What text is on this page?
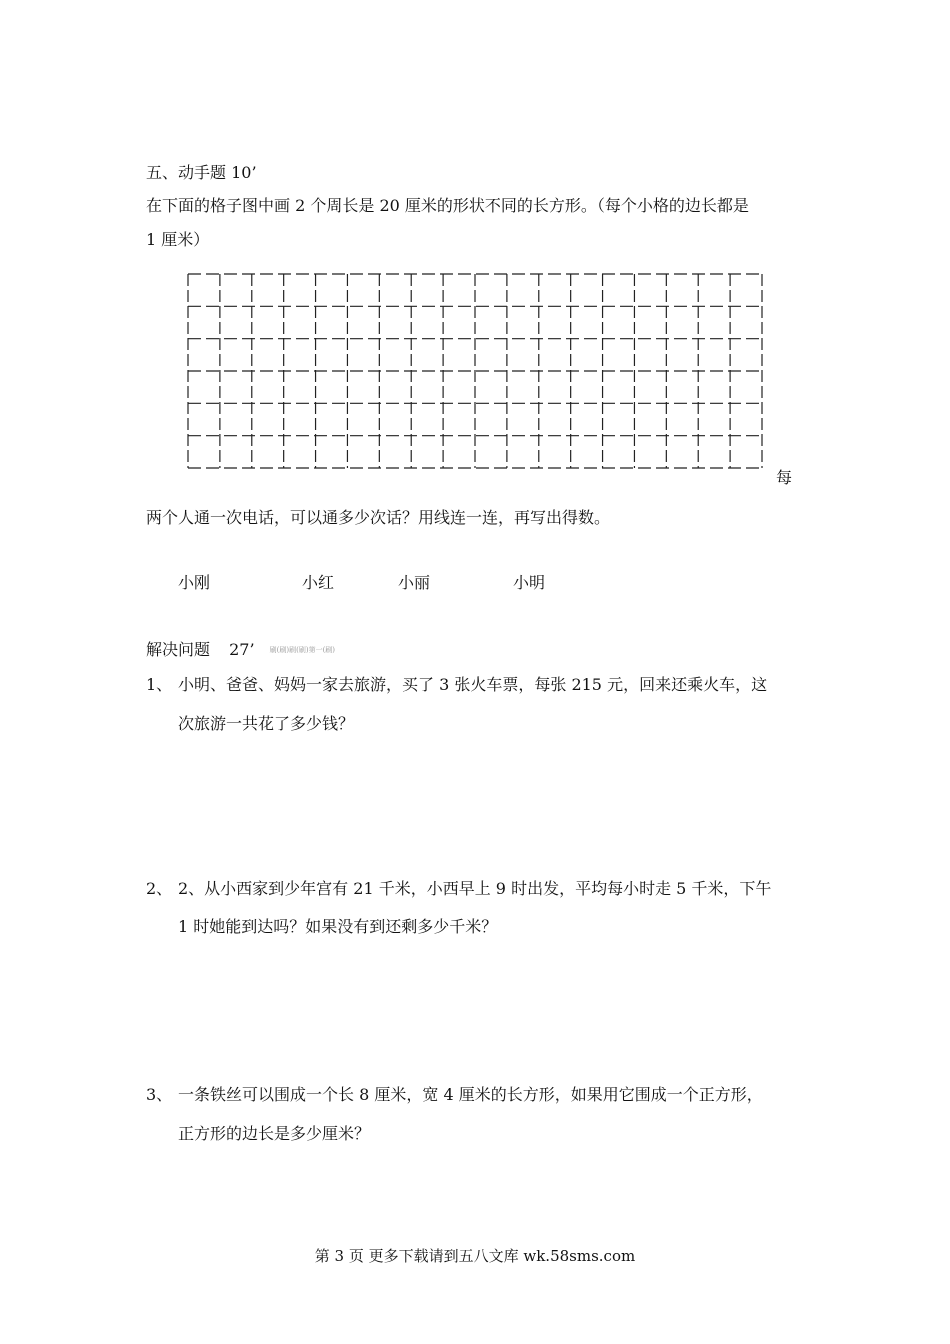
五、动手题 10’
在下面的格子图中画 2 个周长是 20 厘米的形状不同的长方形。（每个小格的边长都是
1 厘米）
每
两个人通一次电话，可以通多少次话？用线连一连，再写出得数。
小刚	小红	小丽	小明
解决问题 27’ 刷(刷)刷(刷)第一(刷)
1、 小明、爸爸、妈妈一家去旅游，买了 3 张火车票，每张 215 元，回来还乘火车，这
次旅游一共花了多少钱？
2、 2、从小西家到少年宫有 21 千米，小西早上 9 时出发，平均每小时走 5 千米，下午
1 时她能到达吗？如果没有到还剩多少千米？
3、 一条铁丝可以围成一个长 8 厘米，宽 4 厘米的长方形，如果用它围成一个正方形，
正方形的边长是多少厘米？
第 3 页 更多下载请到五八文库 wk.58sms.com
